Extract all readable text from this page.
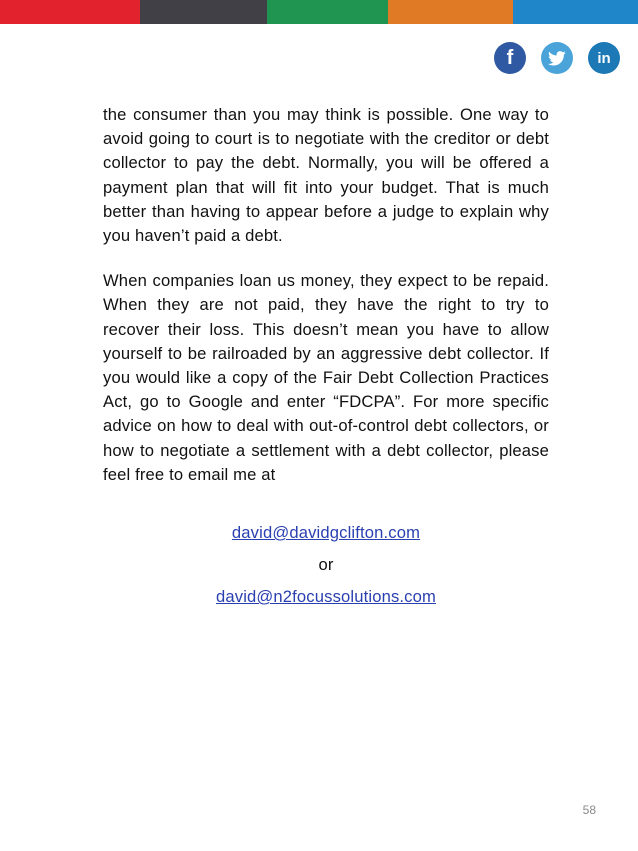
f	in

the consumer than you may think is possible. One way to avoid going to court is to negotiate with the creditor or debt collector to pay the debt. Normally, you will be offered a payment plan that will fit into your budget. That is much better than having to appear before a judge to explain why you haven’t paid a debt.

When companies loan us money, they expect to be repaid. When they are not paid, they have the right to try to recover their loss. This doesn’t mean you have to allow yourself to be railroaded by an aggressive debt collector. If you would like a copy of the Fair Debt Collection Practices Act, go to Google and enter “FDCPA”. For more specific advice on how to deal with out-of-control debt collectors, or how to negotiate a settlement with a debt collector, please feel free to email me at

david@davidgclifton.com
or
david@n2focussolutions.com
58
